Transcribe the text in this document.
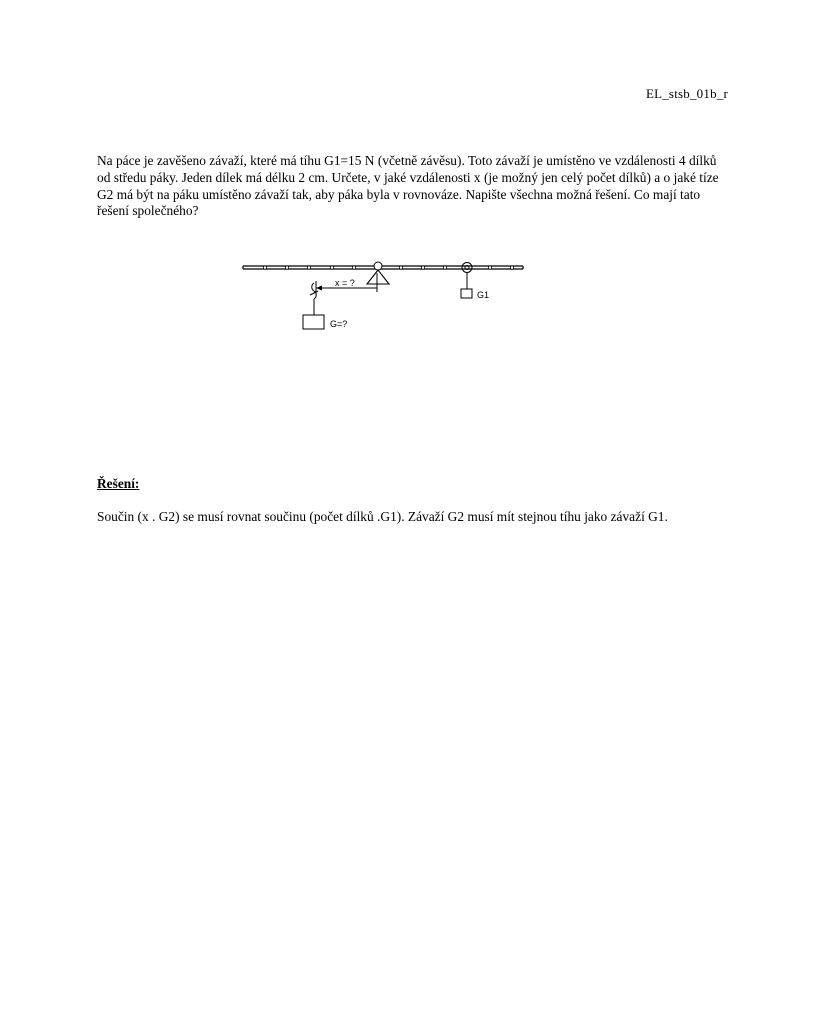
EL_stsb_01b_r

Na páce je zavěšeno závaží, které má tíhu G1=15 N (včetně závěsu). Toto závaží je umístěno ve vzdálenosti 4 dílků od středu páky. Jeden dílek má délku 2 cm. Určete, v jaké vzdálenosti x (je možný jen celý počet dílků) a o jaké tíze G2 má být na páku umístěno závaží tak, aby páka byla v rovnováze. Napište všechna možná řešení. Co mají tato řešení společného?

x = ?
G=?
G1

Řešení:

Součin (x . G2) se musí rovnat součinu (počet dílků .G1). Závaží G2 musí mít stejnou tíhu jako závaží G1.
